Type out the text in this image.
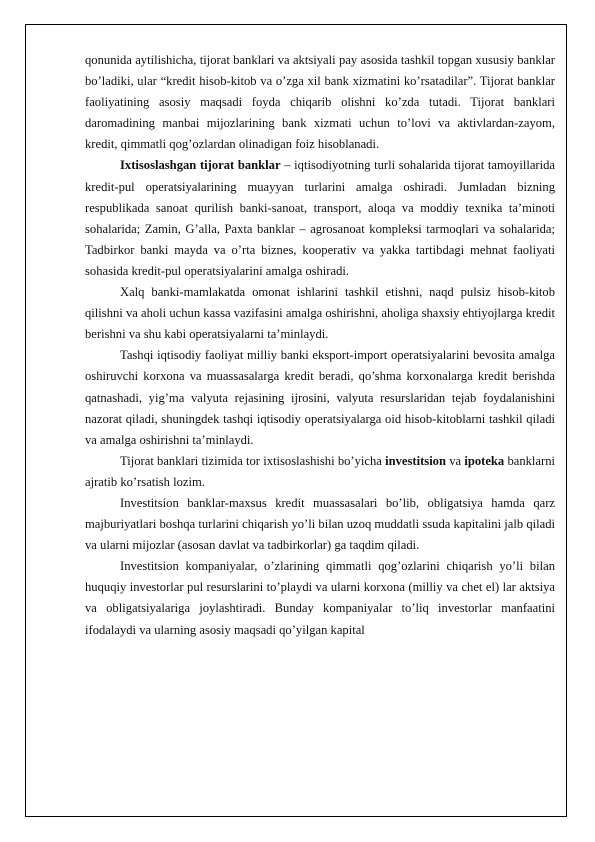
qonunida aytilishicha, tijorat banklari va aktsiyali pay asosida tashkil topgan xususiy banklar bo’ladiki, ular “kredit hisob-kitob va o’zga xil bank xizmatini ko’rsatadilar”. Tijorat banklar faoliyatining asosiy maqsadi foyda chiqarib olishni ko’zda tutadi. Tijorat banklari daromadining manbai mijozlarining bank xizmati uchun to’lovi va aktivlardan-zayom, kredit, qimmatli qog’ozlardan olinadigan foiz hisoblanadi.

Ixtisoslashgan tijorat banklar – iqtisodiyotning turli sohalarida tijorat tamoyillarida kredit-pul operatsiyalarining muayyan turlarini amalga oshiradi. Jumladan bizning respublikada sanoat qurilish banki-sanoat, transport, aloqa va moddiy texnika ta’minoti sohalarida; Zamin, G’alla, Paxta banklar – agrosanoat kompleksi tarmoqlari va sohalarida; Tadbirkor banki mayda va o’rta biznes, kooperativ va yakka tartibdagi mehnat faoliyati sohasida kredit-pul operatsiyalarini amalga oshiradi.

Xalq banki-mamlakatda omonat ishlarini tashkil etishni, naqd pulsiz hisob-kitob qilishni va aholi uchun kassa vazifasini amalga oshirishni, aholiga shaxsiy ehtiyojlarga kredit berishni va shu kabi operatsiyalarni ta’minlaydi.

Tashqi iqtisodiy faoliyat milliy banki eksport-import operatsiyalarini bevosita amalga oshiruvchi korxona va muassasalarga kredit beradi, qo’shma korxonalarga kredit berishda qatnashadi, yig’ma valyuta rejasining ijrosini, valyuta resurslaridan tejab foydalanishini nazorat qiladi, shuningdek tashqi iqtisodiy operatsiyalarga oid hisob-kitoblarni tashkil qiladi va amalga oshirishni ta’minlaydi.

Tijorat banklari tizimida tor ixtisoslashishi bo’yicha investitsion va ipoteka banklarni ajratib ko’rsatish lozim.

Investitsion banklar-maxsus kredit muassasalari bo’lib, obligatsiya hamda qarz majburiyatlari boshqa turlarini chiqarish yo’li bilan uzoq muddatli ssuda kapitalini jalb qiladi va ularni mijozlar (asosan davlat va tadbirkorlar) ga taqdim qiladi.

Investitsion kompaniyalar, o’zlarining qimmatli qog’ozlarini chiqarish yo’li bilan huquqiy investorlar pul resurslarini to’playdi va ularni korxona (milliy va chet el) lar aktsiya va obligatsiyalariga joylashtiradi. Bunday kompaniyalar to’liq investorlar manfaatini ifodalaydi va ularning asosiy maqsadi qo’yilgan kapital
